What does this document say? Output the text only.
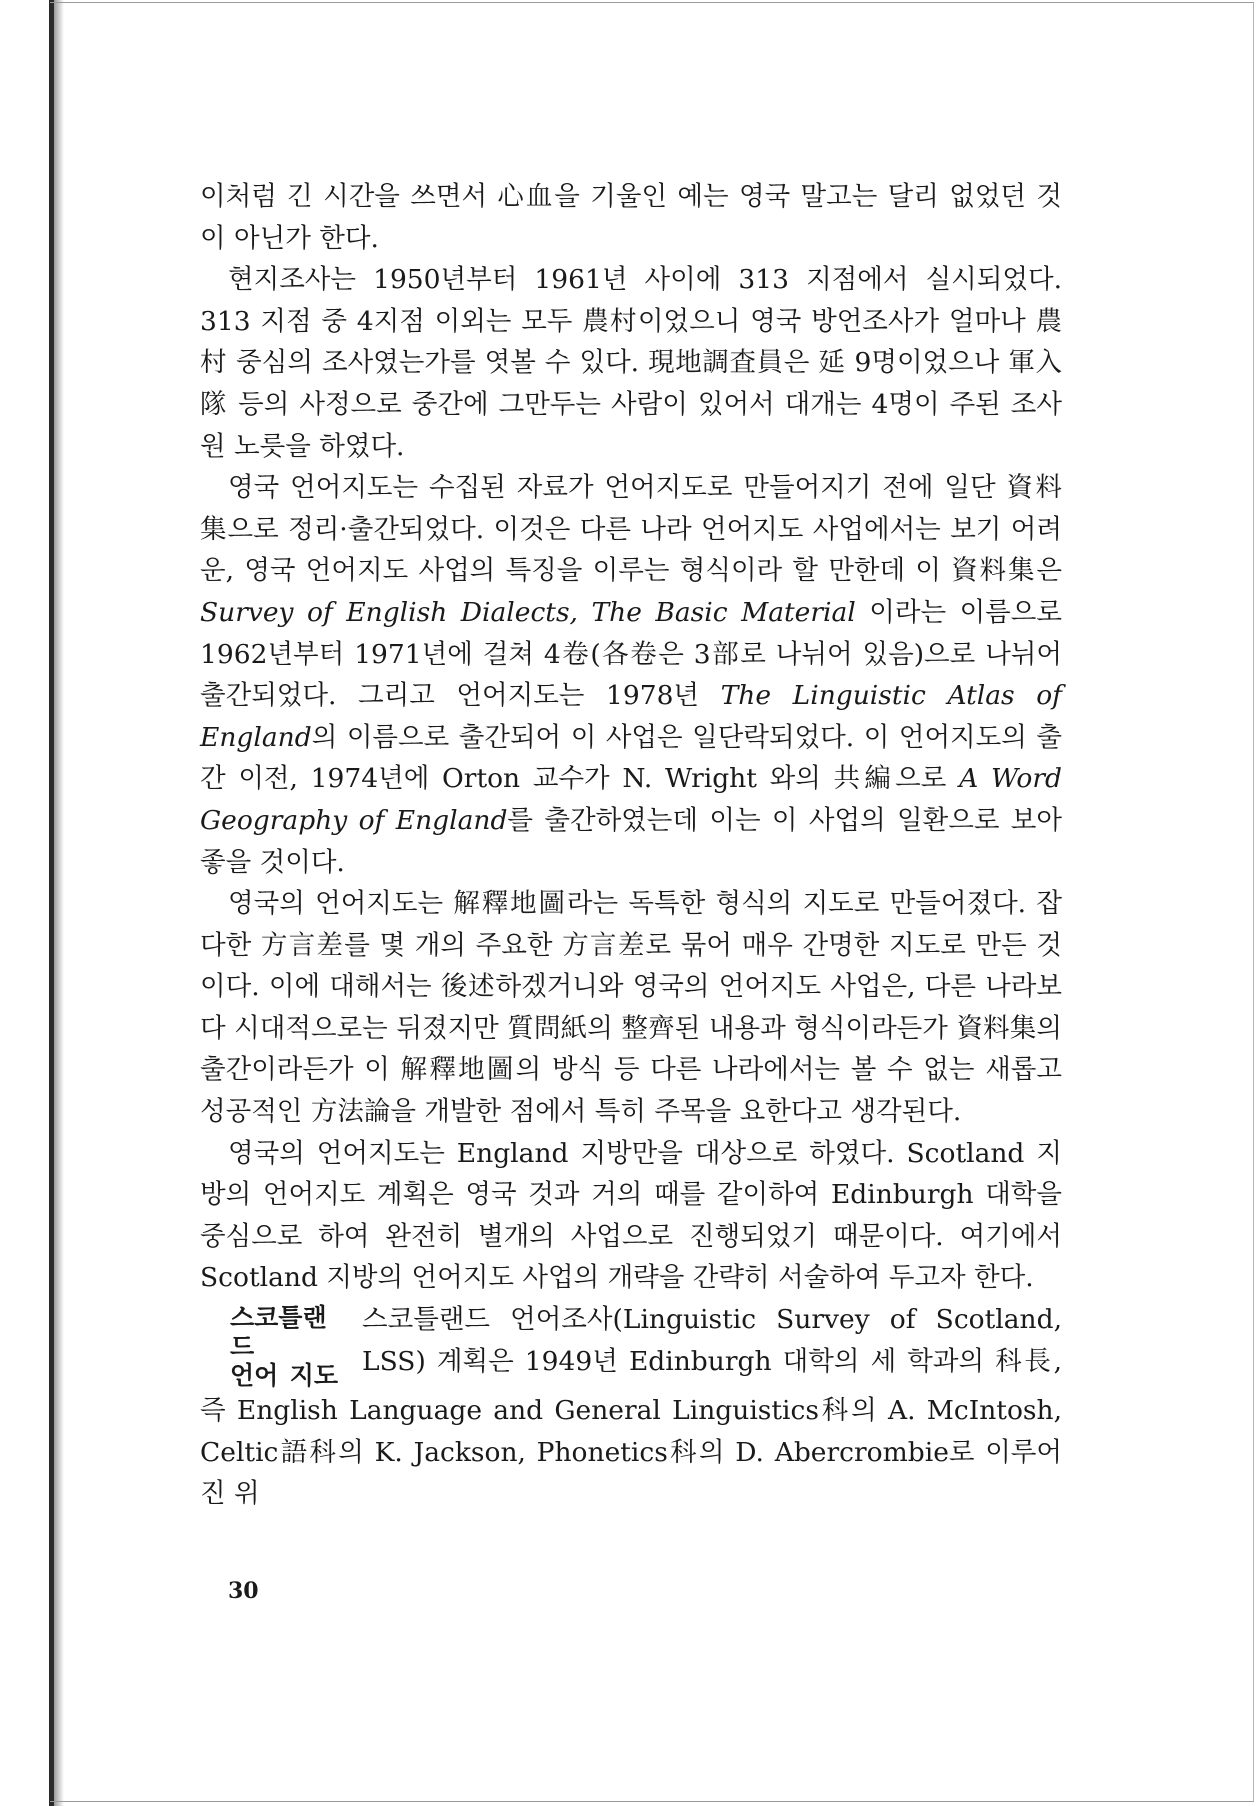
이처럼 긴 시간을 쓰면서 心血을 기울인 예는 영국 말고는 달리 없었던 것이 아닌가 한다.

현지조사는 1950년부터 1961년 사이에 313 지점에서 실시되었다. 313 지점 중 4지점 이외는 모두 農村이었으니 영국 방언조사가 얼마나 農村 중심의 조사였는가를 엿볼 수 있다. 現地調査員은 延 9명이었으나 軍入隊 등의 사정으로 중간에 그만두는 사람이 있어서 대개는 4명이 주된 조사원 노릇을 하였다.

영국 언어지도는 수집된 자료가 언어지도로 만들어지기 전에 일단 資料集으로 정리·출간되었다. 이것은 다른 나라 언어지도 사업에서는 보기 어려운, 영국 언어지도 사업의 특징을 이루는 형식이라 할 만한데 이 資料集은 Survey of English Dialects, The Basic Material 이라는 이름으로 1962년부터 1971년에 걸쳐 4卷(各卷은 3部로 나뉘어 있음)으로 나뉘어 출간되었다. 그리고 언어지도는 1978년 The Linguistic Atlas of England의 이름으로 출간되어 이 사업은 일단락되었다. 이 언어지도의 출간 이전, 1974년에 Orton 교수가 N. Wright 와의 共編으로 A Word Geography of England를 출간하였는데 이는 이 사업의 일환으로 보아 좋을 것이다.

영국의 언어지도는 解釋地圖라는 독특한 형식의 지도로 만들어졌다. 잡다한 方言差를 몇 개의 주요한 方言差로 묶어 매우 간명한 지도로 만든 것이다. 이에 대해서는 後述하겠거니와 영국의 언어지도 사업은, 다른 나라보다 시대적으로는 뒤졌지만 質問紙의 整齊된 내용과 형식이라든가 資料集의 출간이라든가 이 解釋地圖의 방식 등 다른 나라에서는 볼 수 없는 새롭고 성공적인 方法論을 개발한 점에서 특히 주목을 요한다고 생각된다.

영국의 언어지도는 England 지방만을 대상으로 하였다. Scotland 지방의 언어지도 계획은 영국 것과 거의 때를 같이하여 Edinburgh 대학을 중심으로 하여 완전히 별개의 사업으로 진행되었기 때문이다. 여기에서 Scotland 지방의 언어지도 사업의 개략을 간략히 서술하여 두고자 한다.

스코틀랜드
언어 지도
스코틀랜드 언어조사(Linguistic Survey of Scotland,
LSS) 계획은 1949년 Edinburgh 대학의 세 학과의 科長,

즉 English Language and General Linguistics科의 A. McIntosh, Celtic語科의 K. Jackson, Phonetics科의 D. Abercrombie로 이루어진 위

30
